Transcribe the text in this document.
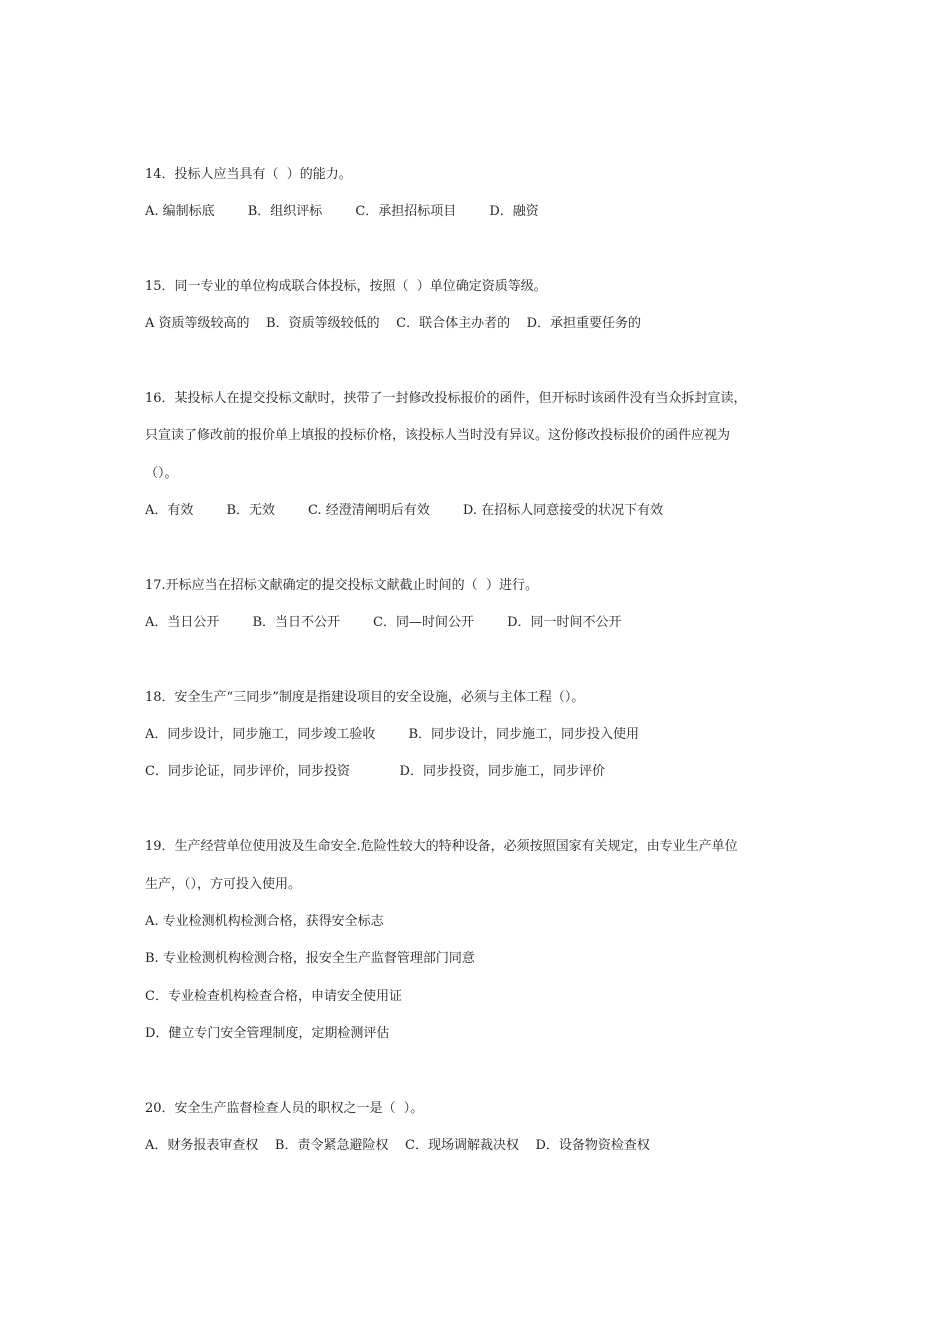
14．投标人应当具有（  ）的能力。
A. 编制标底        B．组织评标        C．承担招标项目        D．融资
15．同一专业的单位构成联合体投标，按照（  ）单位确定资质等级。
A 资质等级较高的    B．资质等级较低的    C．联合体主办者的    D．承担重要任务的
16．某投标人在提交投标文献时，挟带了一封修改投标报价的函件，但开标时该函件没有当众拆封宣读，
只宣读了修改前的报价单上填报的投标价格，该投标人当时没有异议。这份修改投标报价的函件应视为
（）。
A．有效        B．无效        C. 经澄清阐明后有效        D. 在招标人同意接受的状况下有效
17.开标应当在招标文献确定的提交投标文献截止时间的（  ）进行。
A．当日公开        B．当日不公开        C．同—时间公开        D．同一时间不公开
18．安全生产“三同步”制度是指建设项目的安全设施，必须与主体工程（）。
A．同步设计，同步施工，同步竣工验收        B．同步设计，同步施工，同步投入使用
C．同步论证，同步评价，同步投资            D．同步投资，同步施工，同步评价
19．生产经营单位使用波及生命安全.危险性较大的特种设备，必须按照国家有关规定，由专业生产单位
生产，（），方可投入使用。
A. 专业检测机构检测合格，获得安全标志
B. 专业检测机构检测合格，报安全生产监督管理部门同意
C．专业检查机构检查合格，申请安全使用证
D．健立专门安全管理制度，定期检测评估
20．安全生产监督检查人员的职权之一是（  ）。
A．财务报表审查权    B．责令紧急避险权    C．现场调解裁决权    D．设备物资检查权
